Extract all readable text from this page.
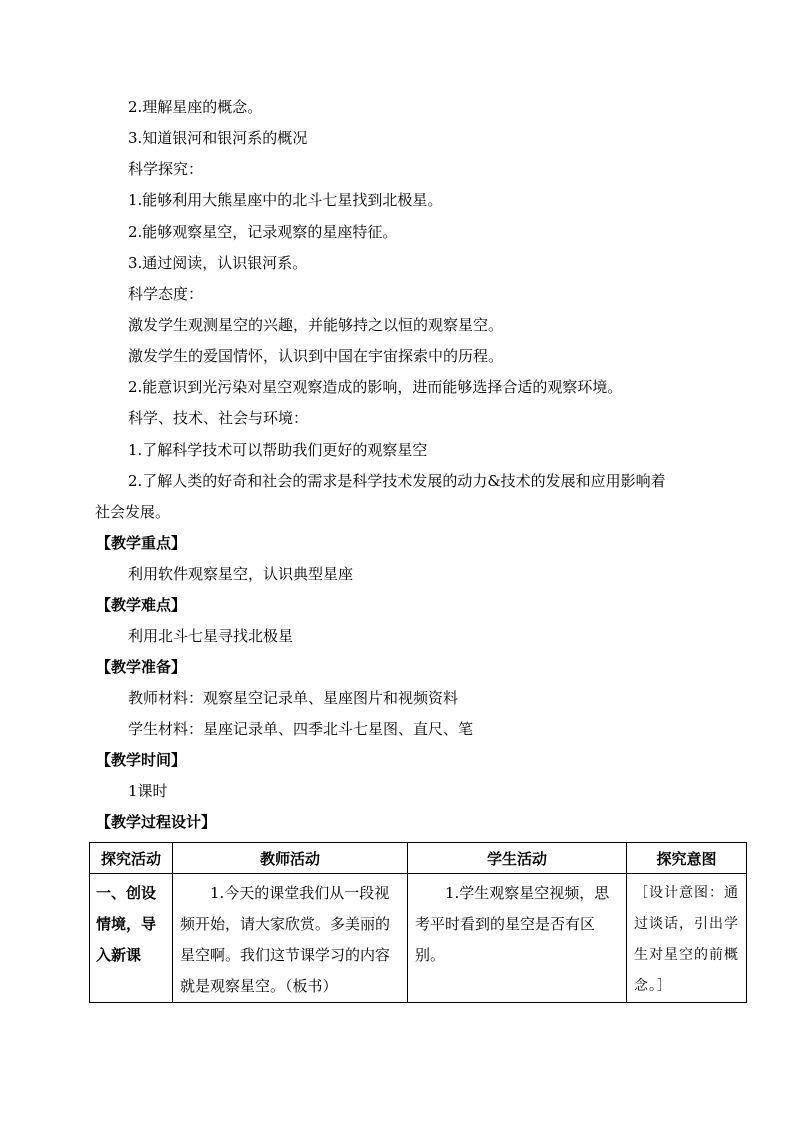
2.理解星座的概念。
3.知道银河和银河系的概况
科学探究：
1.能够利用大熊星座中的北斗七星找到北极星。
2.能够观察星空，记录观察的星座特征。
3.通过阅读，认识银河系。
科学态度：
激发学生观测星空的兴趣，并能够持之以恒的观察星空。
激发学生的爱国情怀，认识到中国在宇宙探索中的历程。
2.能意识到光污染对星空观察造成的影响，进而能够选择合适的观察环境。
科学、技术、社会与环境：
1.了解科学技术可以帮助我们更好的观察星空
2.了解人类的好奇和社会的需求是科学技术发展的动力&技术的发展和应用影响着
社会发展。
【教学重点】
利用软件观察星空，认识典型星座
【教学难点】
利用北斗七星寻找北极星
【教学准备】
教师材料：观察星空记录单、星座图片和视频资料
学生材料：星座记录单、四季北斗七星图、直尺、笔
【教学时间】
1课时
【教学过程设计】
探究活动	教师活动	学生活动	探究意图
一、创设情境，导入新课	1.今天的课堂我们从一段视频开始，请大家欣赏。多美丽的星空啊。我们这节课学习的内容就是观察星空。（板书）	1.学生观察星空视频，思考平时看到的星空是否有区别。	［设计意图：通过谈话，引出学生对星空的前概念。］
